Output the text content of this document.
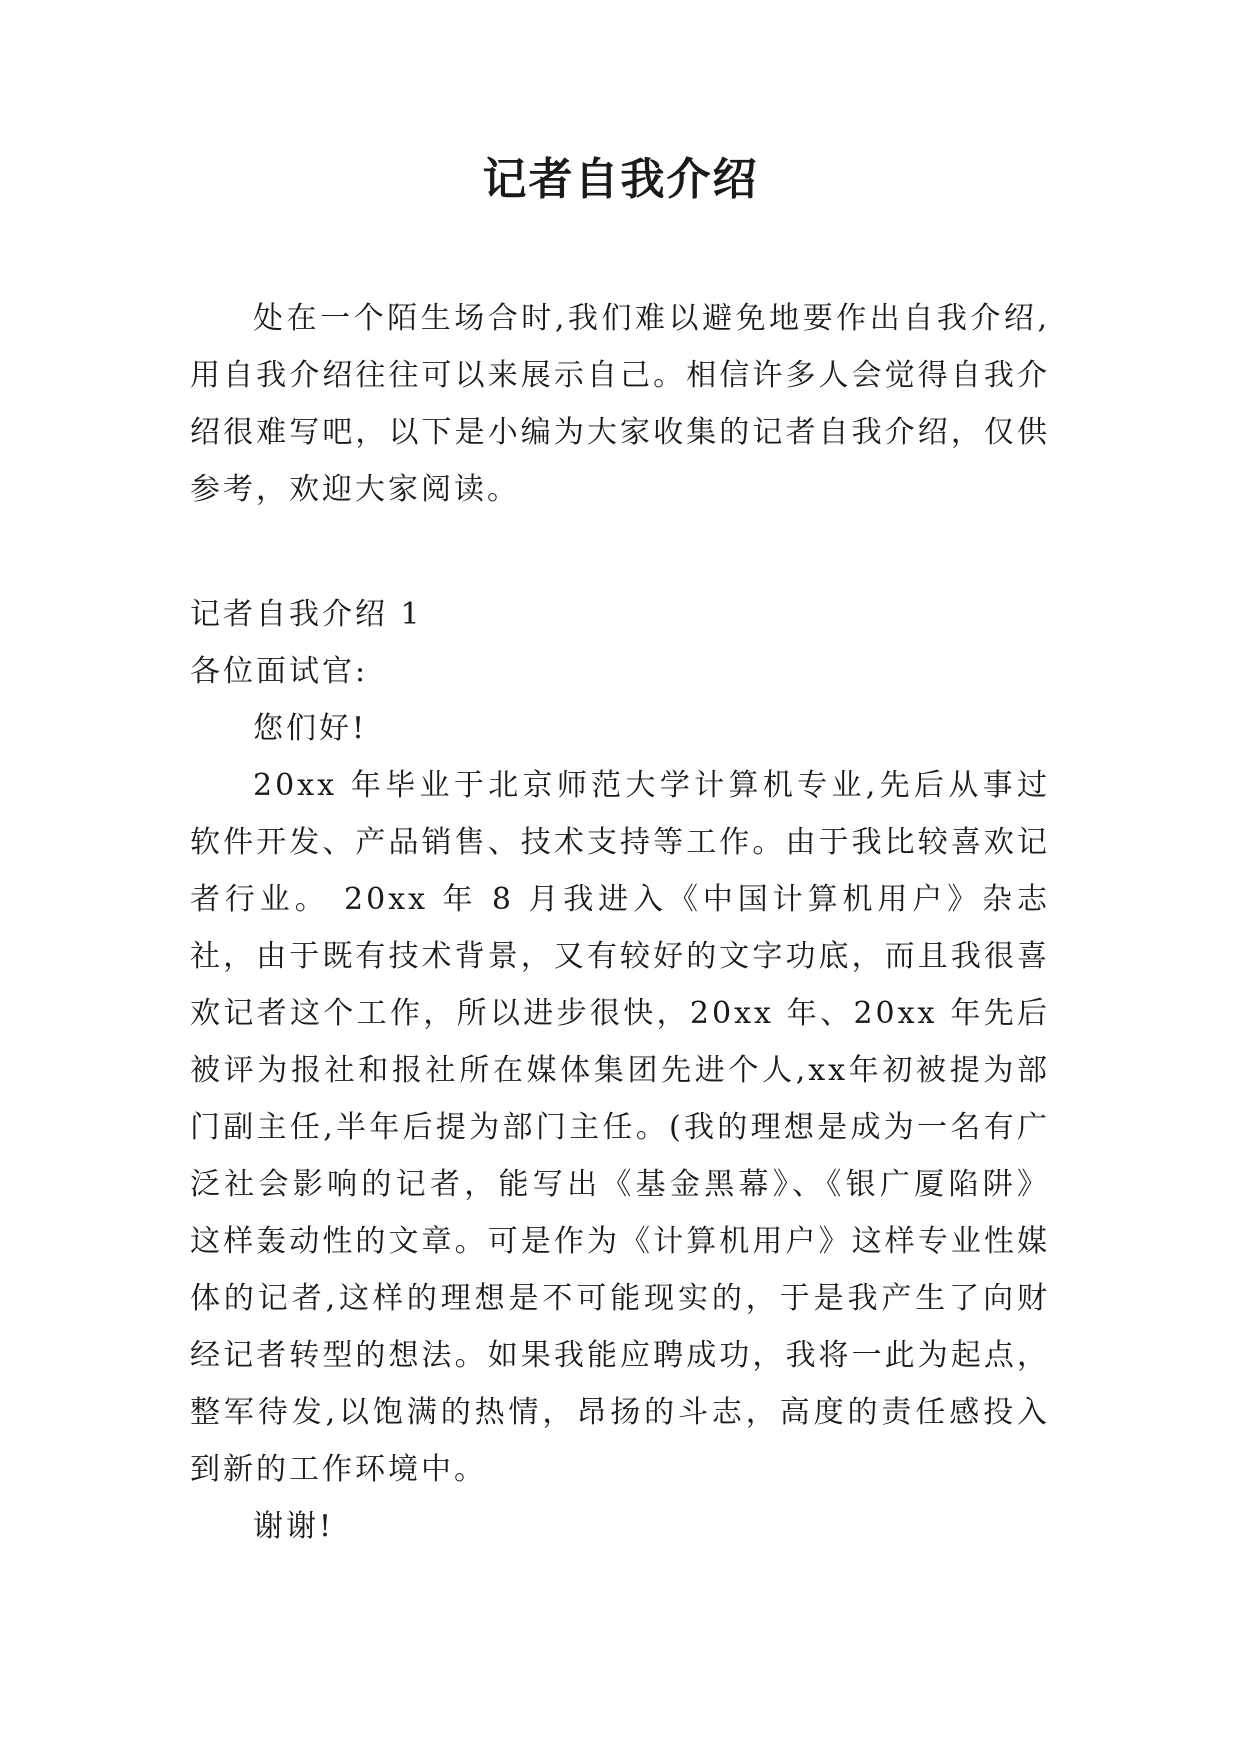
记者自我介绍

处在一个陌生场合时,我们难以避免地要作出自我介绍,用自我介绍往往可以来展示自己。相信许多人会觉得自我介绍很难写吧，以下是小编为大家收集的记者自我介绍，仅供参考，欢迎大家阅读。

记者自我介绍 1

各位面试官:

您们好!

20xx 年毕业于北京师范大学计算机专业,先后从事过软件开发、产品销售、技术支持等工作。由于我比较喜欢记者行业。 20xx 年 8 月我进入《中国计算机用户》杂志社，由于既有技术背景，又有较好的文字功底，而且我很喜欢记者这个工作，所以进步很快，20xx 年、20xx 年先后被评为报社和报社所在媒体集团先进个人,xx年初被提为部门副主任,半年后提为部门主任。(我的理想是成为一名有广泛社会影响的记者，能写出《基金黑幕》、《银广厦陷阱》这样轰动性的文章。可是作为《计算机用户》这样专业性媒体的记者,这样的理想是不可能现实的，于是我产生了向财经记者转型的想法。如果我能应聘成功，我将一此为起点，整军待发,以饱满的热情，昂扬的斗志，高度的责任感投入到新的工作环境中。

谢谢!
